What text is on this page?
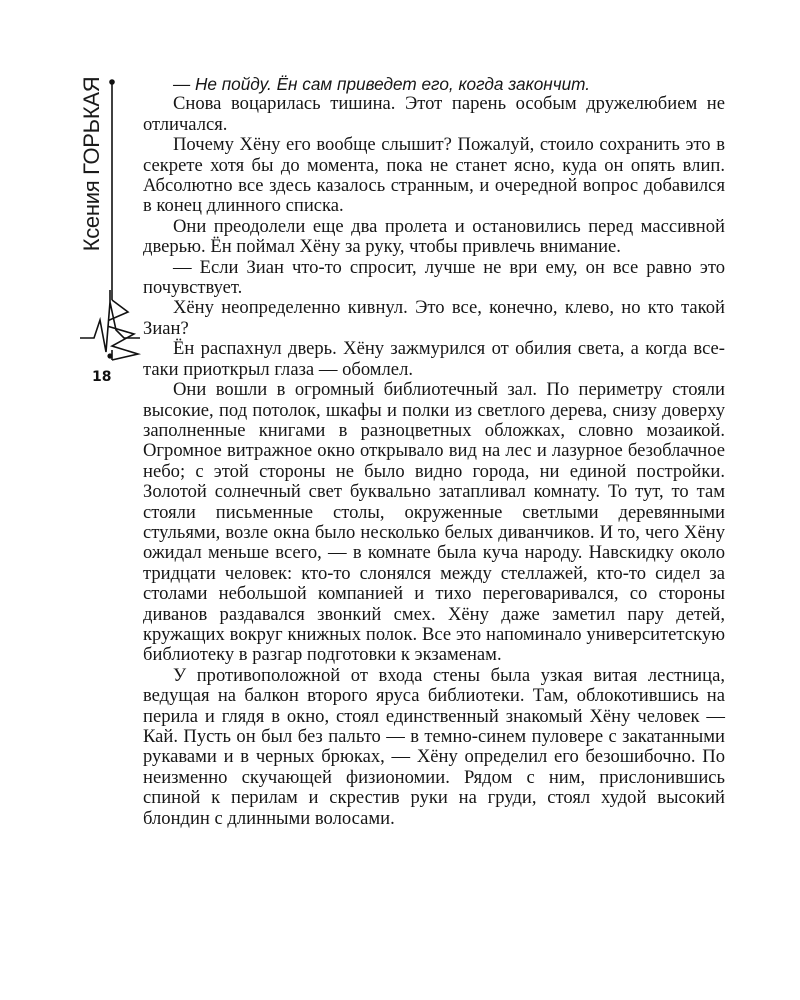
Ксения ГОРЬКАЯ
18

— Не пойду. Ён сам приведет его, когда закончит.

Снова воцарилась тишина. Этот парень особым дружелюбием не отличался.

Почему Хёну его вообще слышит? Пожалуй, стоило сохранить это в секрете хотя бы до момента, пока не станет ясно, куда он опять влип. Абсолютно все здесь казалось странным, и очередной вопрос добавился в конец длинного списка.

Они преодолели еще два пролета и остановились перед массивной дверью. Ён поймал Хёну за руку, чтобы привлечь внимание.

— Если Зиан что-то спросит, лучше не ври ему, он все равно это почувствует.

Хёну неопределенно кивнул. Это все, конечно, клево, но кто такой Зиан?

Ён распахнул дверь. Хёну зажмурился от обилия света, а когда все-таки приоткрыл глаза — обомлел.

Они вошли в огромный библиотечный зал. По периметру стояли высокие, под потолок, шкафы и полки из светлого дерева, снизу доверху заполненные книгами в разноцветных обложках, словно мозаикой. Огромное витражное окно открывало вид на лес и лазурное безоблачное небо; с этой стороны не было видно города, ни единой постройки. Золотой солнечный свет буквально затапливал комнату. То тут, то там стояли письменные столы, окруженные светлыми деревянными стульями, возле окна было несколько белых диванчиков. И то, чего Хёну ожидал меньше всего, — в комнате была куча народу. Навскидку около тридцати человек: кто-то слонялся между стеллажей, кто-то сидел за столами небольшой компанией и тихо переговаривался, со стороны диванов раздавался звонкий смех. Хёну даже заметил пару детей, кружащих вокруг книжных полок. Все это напоминало университетскую библиотеку в разгар подготовки к экзаменам.

У противоположной от входа стены была узкая витая лестница, ведущая на балкон второго яруса библиотеки. Там, облокотившись на перила и глядя в окно, стоял единственный знакомый Хёну человек — Кай. Пусть он был без пальто — в темно-синем пуловере с закатанными рукавами и в черных брюках, — Хёну определил его безошибочно. По неизменно скучающей физиономии. Рядом с ним, прислонившись спиной к перилам и скрестив руки на груди, стоял худой высокий блондин с длинными волосами.
